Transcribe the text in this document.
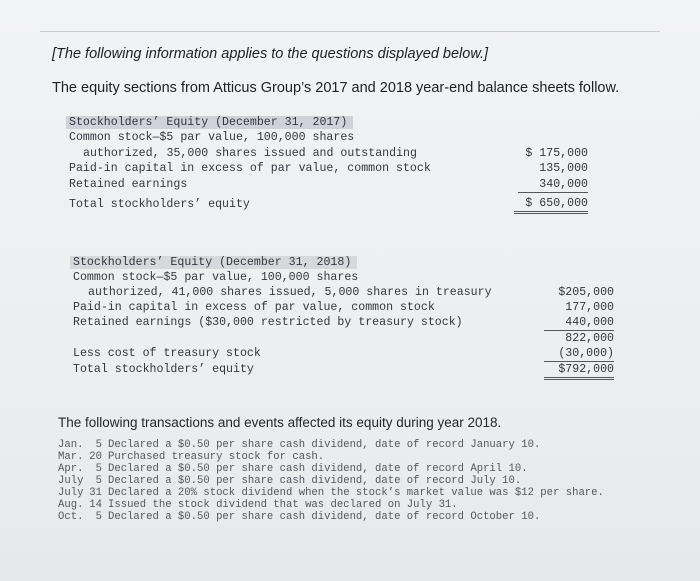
[The following information applies to the questions displayed below.]
The equity sections from Atticus Group’s 2017 and 2018 year-end balance sheets follow.
Stockholders’ Equity (December 31, 2017)
Common stock—$5 par value, 100,000 shares
authorized, 35,000 shares issued and outstanding
Paid-in capital in excess of par value, common stock
Retained earnings
Total stockholders’ equity
$ 175,000
135,000
340,000
$ 650,000
Stockholders’ Equity (December 31, 2018)
Common stock—$5 par value, 100,000 shares
authorized, 41,000 shares issued, 5,000 shares in treasury
Paid-in capital in excess of par value, common stock
Retained earnings ($30,000 restricted by treasury stock)
Less cost of treasury stock
Total stockholders’ equity
$205,000
177,000
440,000
822,000
(30,000)
$792,000
The following transactions and events affected its equity during year 2018.
Jan. 5 Declared a $0.50 per share cash dividend, date of record January 10.
Mar. 20 Purchased treasury stock for cash.
Apr. 5 Declared a $0.50 per share cash dividend, date of record April 10.
July 5 Declared a $0.50 per share cash dividend, date of record July 10.
July 31 Declared a 20% stock dividend when the stock’s market value was $12 per share.
Aug. 14 Issued the stock dividend that was declared on July 31.
Oct. 5 Declared a $0.50 per share cash dividend, date of record October 10.
